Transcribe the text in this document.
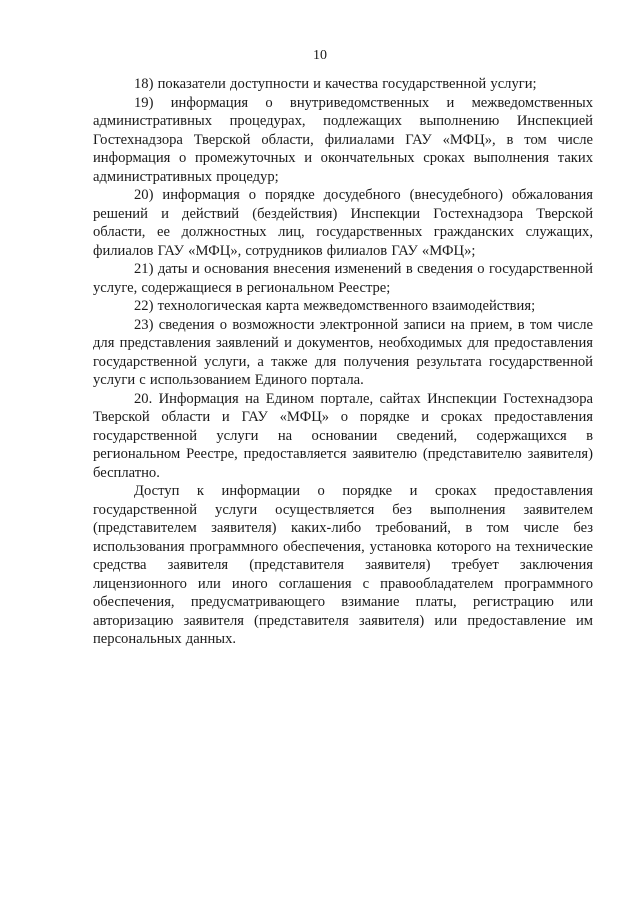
10

18) показатели доступности и качества государственной услуги;

19) информация о внутриведомственных и межведомственных административных процедурах, подлежащих выполнению Инспекцией Гостехнадзора Тверской области, филиалами ГАУ «МФЦ», в том числе информация о промежуточных и окончательных сроках выполнения таких административных процедур;

20) информация о порядке досудебного (внесудебного) обжалования решений и действий (бездействия) Инспекции Гостехнадзора Тверской области, ее должностных лиц, государственных гражданских служащих, филиалов ГАУ «МФЦ», сотрудников филиалов ГАУ «МФЦ»;

21) даты и основания внесения изменений в сведения о государственной услуге, содержащиеся в региональном Реестре;

22) технологическая карта межведомственного взаимодействия;

23) сведения о возможности электронной записи на прием, в том числе для представления заявлений и документов, необходимых для предоставления государственной услуги, а также для получения результата государственной услуги с использованием Единого портала.

20. Информация на Едином портале, сайтах Инспекции Гостехнадзора Тверской области и ГАУ «МФЦ» о порядке и сроках предоставления государственной услуги на основании сведений, содержащихся в региональном Реестре, предоставляется заявителю (представителю заявителя) бесплатно.

Доступ к информации о порядке и сроках предоставления государственной услуги осуществляется без выполнения заявителем (представителем заявителя) каких-либо требований, в том числе без использования программного обеспечения, установка которого на технические средства заявителя (представителя заявителя) требует заключения лицензионного или иного соглашения с правообладателем программного обеспечения, предусматривающего взимание платы, регистрацию или авторизацию заявителя (представителя заявителя) или предоставление им персональных данных.
